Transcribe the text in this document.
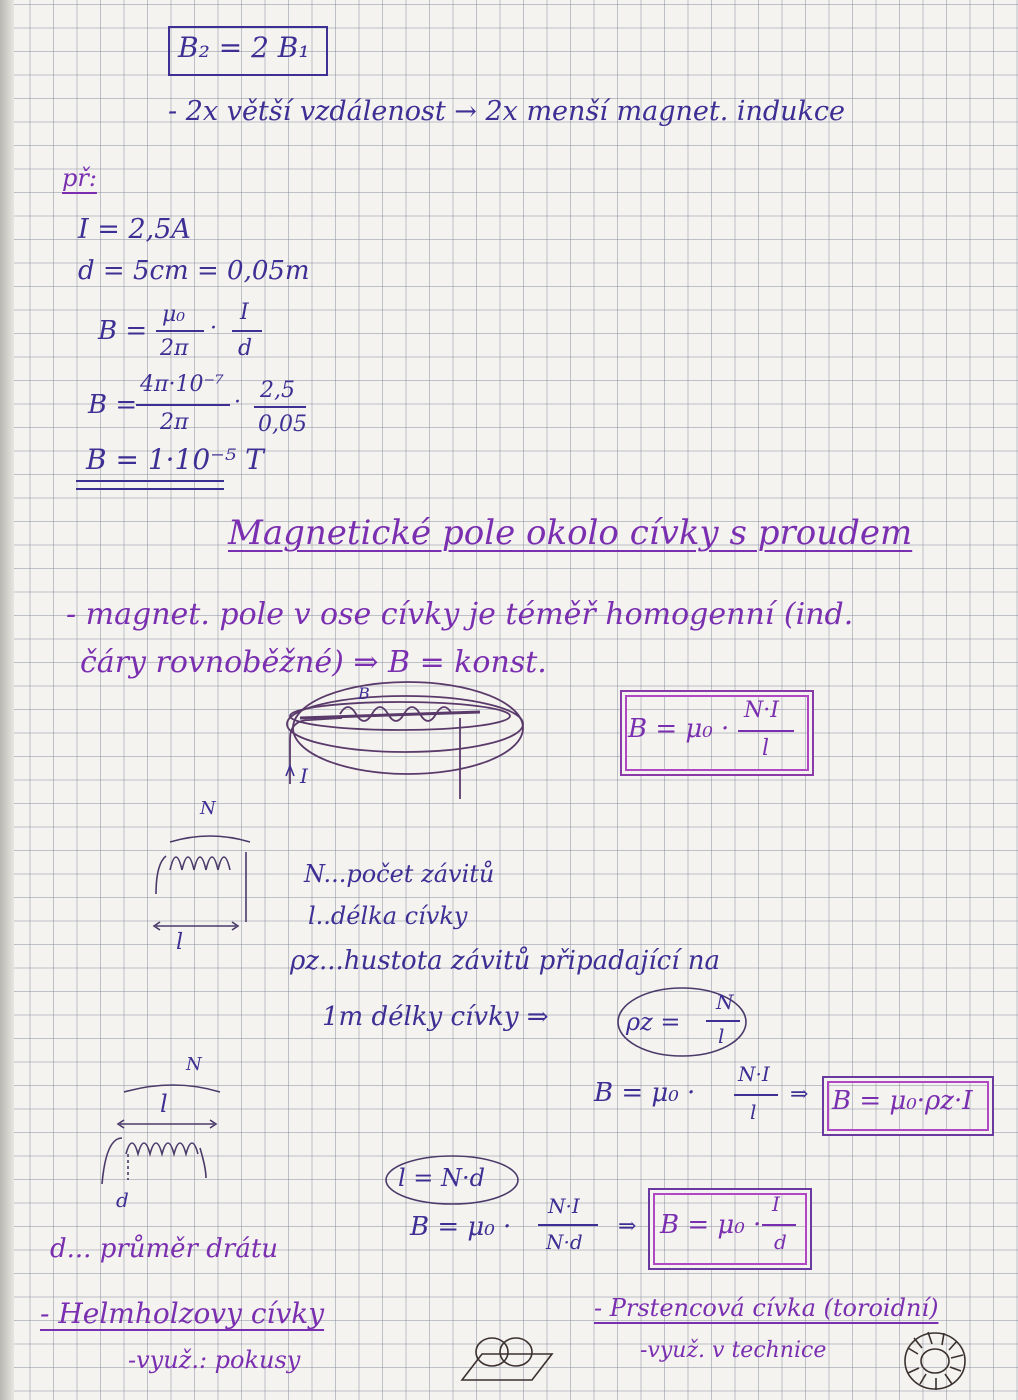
B₂ = 2 B₁
- 2x větší vzdálenost → 2x menší magnet. indukce
př:
I = 2,5A
d = 5cm = 0,05m
B =
μ₀
2π
·
I
d
B =
4π·10⁻⁷
2π
· 2,5
0,05
B = 1·10⁻⁵ T
Magnetické pole okolo cívky s proudem
- magnet. pole v ose cívky je téměř homogenní (ind.
čáry rovnoběžné) ⇒ B = konst.
B
I
B = μ₀ ·
N·I
l
N
l
N...počet závitů
l..délka cívky
ρz...hustota závitů připadající na
1m délky cívky ⇒	ρz =
N
l
B = μ₀ ·
N·I
l
⇒ B = μ₀·ρz·I
N
l
d
l = N·d
B = μ₀ ·
N·I
N·d
⇒ B = μ₀ ·
I
d
d... průměr drátu
- Helmholzovy cívky
-využ.: pokusy
- Prstencová cívka (toroidní)
-využ. v technice
